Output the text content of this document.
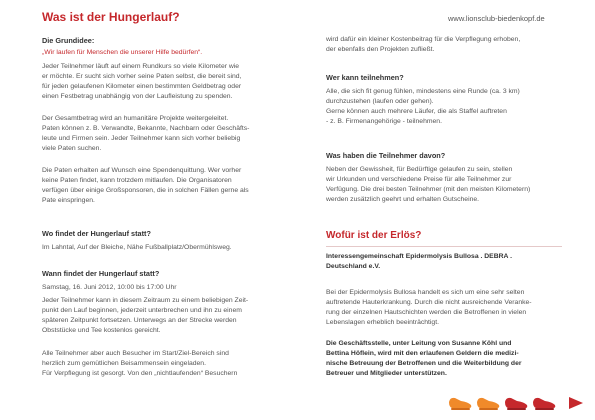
Was ist der Hungerlauf?	www.lionsclub-biedenkopf.de

Die Grundidee:

„Wir laufen für Menschen die unserer Hilfe bedürfen“.

Jeder Teilnehmer läuft auf einem Rundkurs so viele Kilometer wie

er möchte. Er sucht sich vorher seine Paten selbst, die bereit sind,

für jeden gelaufenen Kilometer einen bestimmten Geldbetrag oder

einen Festbetrag unabhängig von der Laufleistung zu spenden.

Der Gesamtbetrag wird an humanitäre Projekte weitergeleitet.

Paten können z. B. Verwandte, Bekannte, Nachbarn oder Geschäfts-

leute und Firmen sein. Jeder Teilnehmer kann sich vorher beliebig

viele Paten suchen.

Die Paten erhalten auf Wunsch eine Spendenquittung. Wer vorher

keine Paten findet, kann trotzdem mitlaufen. Die Organisatoren

verfügen über einige Großsponsoren, die in solchen Fällen gerne als

Pate einspringen.

Wo findet der Hungerlauf statt?

Im Lahntal, Auf der Bleiche, Nähe Fußballplatz/Obermühlsweg.

Wann findet der Hungerlauf statt?

Samstag, 16. Juni 2012, 10:00 bis 17:00 Uhr

Jeder Teilnehmer kann in diesem Zeitraum zu einem beliebigen Zeit-

punkt den Lauf beginnen, jederzeit unterbrechen und ihn zu einem

späteren Zeitpunkt fortsetzen. Unterwegs an der Strecke werden

Obststücke und Tee kostenlos gereicht.

Alle Teilnehmer aber auch Besucher im Start/Ziel-Bereich sind

herzlich zum gemütlichen Beisammensein eingeladen.

Für Verpflegung ist gesorgt. Von den „nichtlaufenden“ Besuchern

wird dafür ein kleiner Kostenbeitrag für die Verpflegung erhoben,

der ebenfalls den Projekten zufließt.

Wer kann teilnehmen?

Alle, die sich fit genug fühlen, mindestens eine Runde (ca. 3 km)

durchzustehen (laufen oder gehen).

Gerne können auch mehrere Läufer, die als Staffel auftreten

- z. B. Firmenangehörige - teilnehmen.

Was haben die Teilnehmer davon?

Neben der Gewissheit, für Bedürftige gelaufen zu sein, stellen

wir Urkunden und verschiedene Preise für alle Teilnehmer zur

Verfügung. Die drei besten Teilnehmer (mit den meisten Kilometern)

werden zusätzlich geehrt und erhalten Gutscheine.

Wofür ist der Erlös?

Interessengemeinschaft Epidermolysis Bullosa . DEBRA .

Deutschland e.V.

Bei der Epidermolysis Bullosa handelt es sich um eine sehr selten

auftretende Hauterkrankung. Durch die nicht ausreichende Veranke-

rung der einzelnen Hautschichten werden die Betroffenen in vielen

Lebenslagen erheblich beeinträchtigt.

Die Geschäftsstelle, unter Leitung von Susanne Köhl und

Bettina Höflein, wird mit den erlaufenen Geldern die medizi-

nische Betreuung der Betroffenen und die Weiterbildung der

Betreuer und Mitglieder unterstützen.
